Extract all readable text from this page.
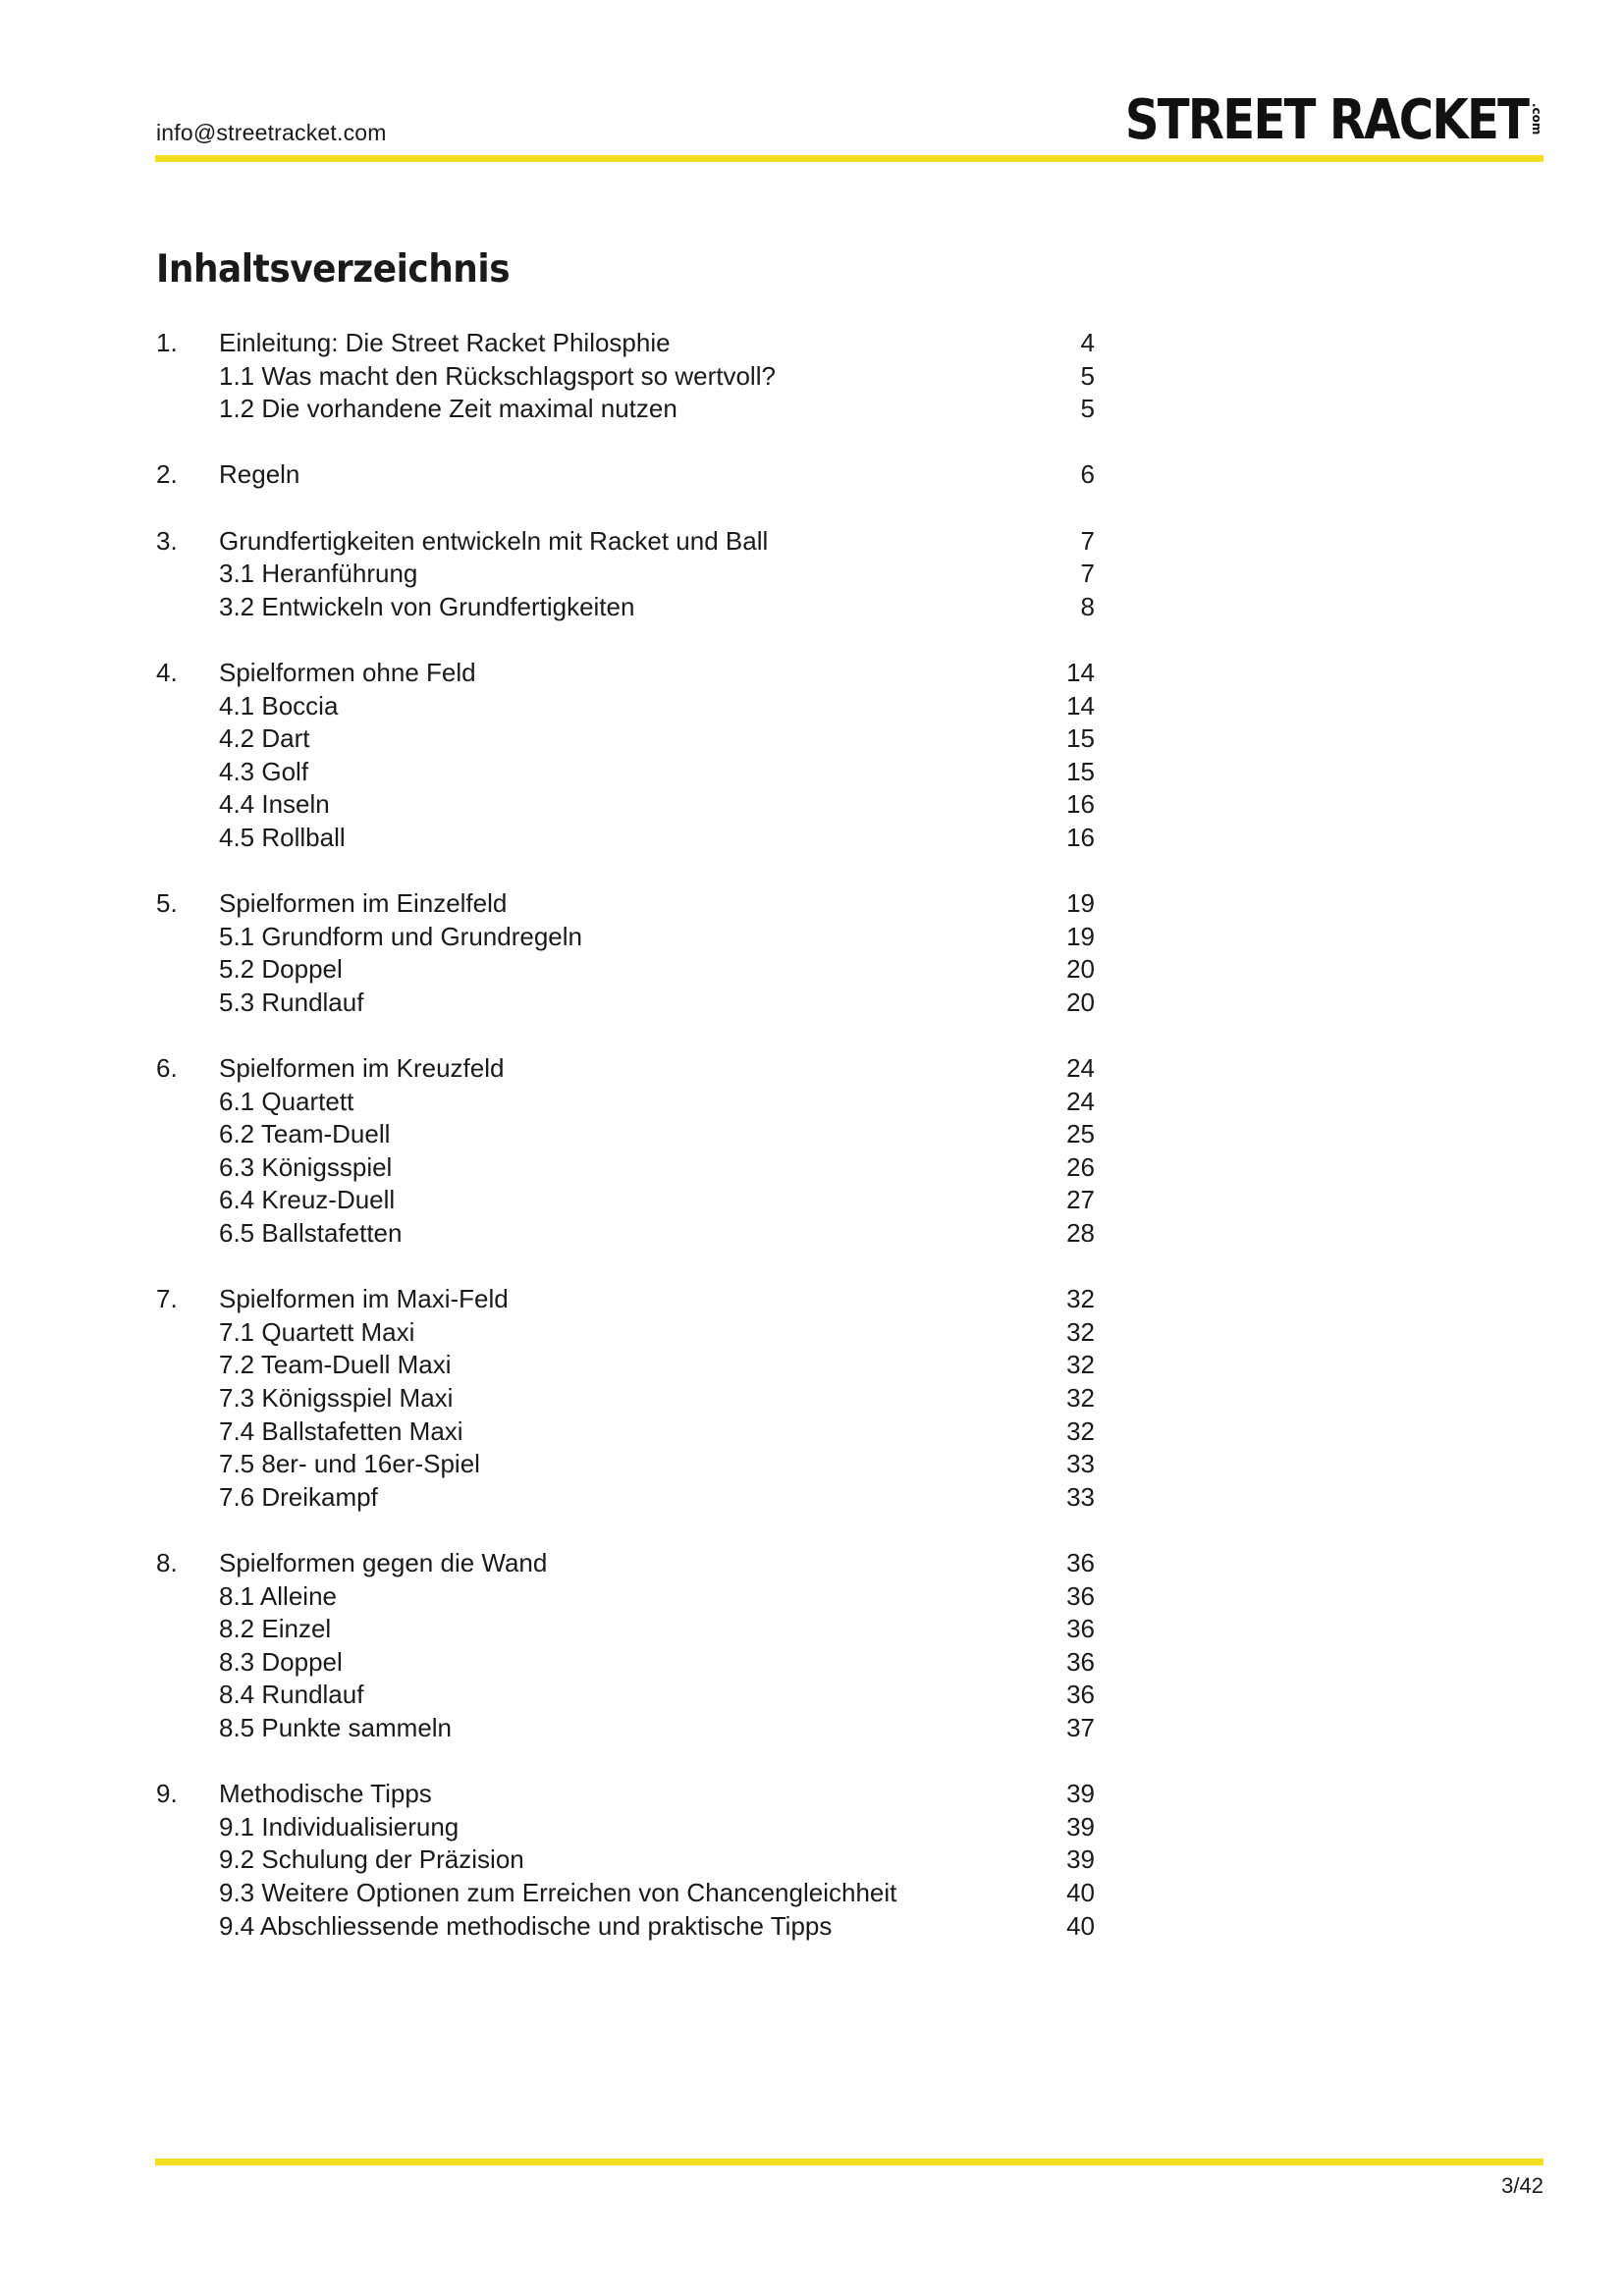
info@streetracket.com	STREET RACKET .com
Inhaltsverzeichnis
1. Einleitung: Die Street Racket Philosphie	4
1.1 Was macht den Rückschlagsport so wertvoll?	5
1.2 Die vorhandene Zeit maximal nutzen	5
2. Regeln	6
3. Grundfertigkeiten entwickeln mit Racket und Ball	7
3.1 Heranführung	7
3.2 Entwickeln von Grundfertigkeiten	8
4. Spielformen ohne Feld	14
4.1 Boccia	14
4.2 Dart	15
4.3 Golf	15
4.4 Inseln	16
4.5 Rollball	16
5. Spielformen im Einzelfeld	19
5.1 Grundform und Grundregeln	19
5.2 Doppel	20
5.3 Rundlauf	20
6. Spielformen im Kreuzfeld	24
6.1 Quartett	24
6.2 Team-Duell	25
6.3 Königsspiel	26
6.4 Kreuz-Duell	27
6.5 Ballstafetten	28
7. Spielformen im Maxi-Feld	32
7.1 Quartett Maxi	32
7.2 Team-Duell Maxi	32
7.3 Königsspiel Maxi	32
7.4 Ballstafetten Maxi	32
7.5 8er- und 16er-Spiel	33
7.6 Dreikampf	33
8. Spielformen gegen die Wand	36
8.1 Alleine	36
8.2 Einzel	36
8.3 Doppel	36
8.4 Rundlauf	36
8.5 Punkte sammeln	37
9. Methodische Tipps	39
9.1 Individualisierung	39
9.2 Schulung der Präzision	39
9.3 Weitere Optionen zum Erreichen von Chancengleichheit	40
9.4 Abschliessende methodische und praktische Tipps	40
3/42
